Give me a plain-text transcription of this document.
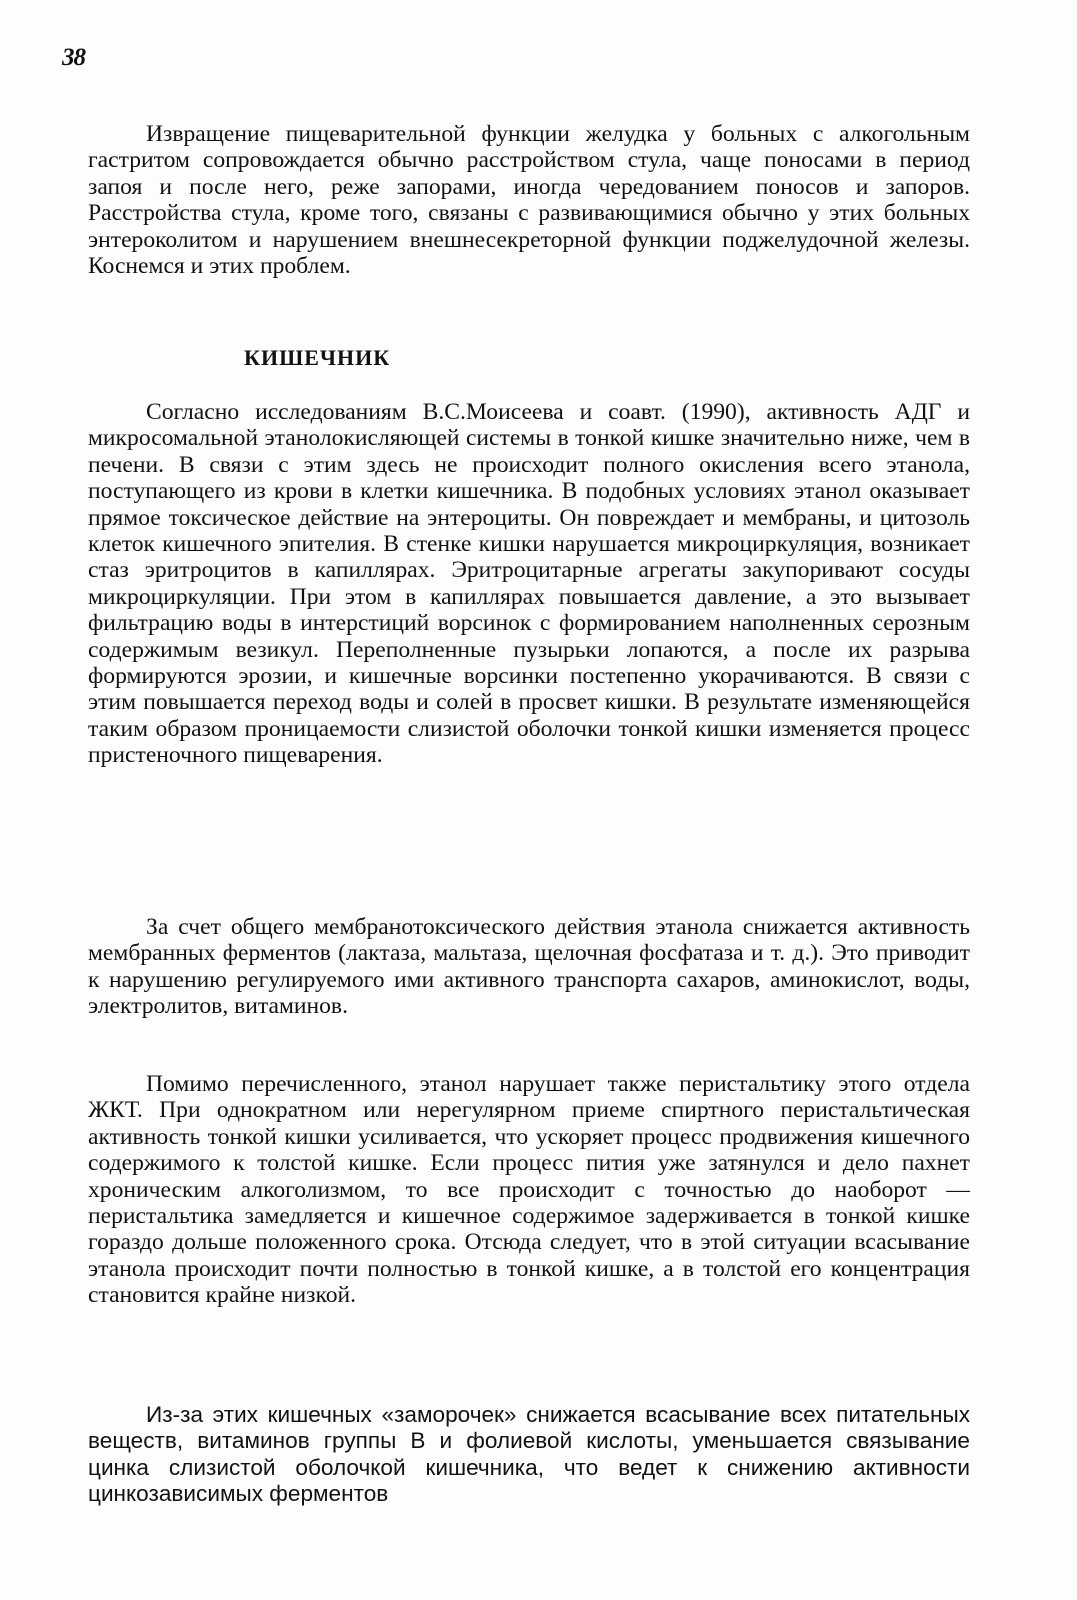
38

Извращение пищеварительной функции желудка у больных с алкогольным гастритом сопровождается обычно расстройством стула, чаще поносами в период запоя и после него, реже запорами, иногда чередованием поносов и запоров. Расстройства стула, кроме того, связаны с развивающимися обычно у этих больных энтероколитом и нарушением внешнесекреторной функции поджелудочной железы. Коснемся и этих проблем.

КИШЕЧНИК

Согласно исследованиям В.С.Моисеева и соавт. (1990), активность АДГ и микросомальной этанолокисляющей системы в тонкой кишке значительно ниже, чем в печени. В связи с этим здесь не происходит полного окисления всего этанола, поступающего из крови в клетки кишечника. В подобных условиях этанол оказывает прямое токсическое действие на энтероциты. Он повреждает и мембраны, и цитозоль клеток кишечного эпителия. В стенке кишки нарушается микроциркуляция, возникает стаз эритроцитов в капиллярах. Эритроцитарные агрегаты закупоривают сосуды микроциркуляции. При этом в капиллярах повышается давление, а это вызывает фильтрацию воды в интерстиций ворсинок с формированием наполненных серозным содержимым везикул. Переполненные пузырьки лопаются, а после их разрыва формируются эрозии, и кишечные ворсинки постепенно укорачиваются. В связи с этим повышается переход воды и солей в просвет кишки. В результате изменяющейся таким образом проницаемости слизистой оболочки тонкой кишки изменяется процесс пристеночного пищеварения.

За счет общего мембранотоксического действия этанола снижается активность мембранных ферментов (лактаза, мальтаза, щелочная фосфатаза и т. д.). Это приводит к нарушению регулируемого ими активного транспорта сахаров, аминокислот, воды, электролитов, витаминов.

Помимо перечисленного, этанол нарушает также перистальтику этого отдела ЖКТ. При однократном или нерегулярном приеме спиртного перистальтическая активность тонкой кишки усиливается, что ускоряет процесс продвижения кишечного содержимого к толстой кишке. Если процесс пития уже затянулся и дело пахнет хроническим алкоголизмом, то все происходит с точностью до наоборот — перистальтика замедляется и кишечное содержимое задерживается в тонкой кишке гораздо дольше положенного срока. Отсюда следует, что в этой ситуации всасывание этанола происходит почти полностью в тонкой кишке, а в толстой его концентрация становится крайне низкой.

Из-за этих кишечных «заморочек» снижается всасывание всех питательных веществ, витаминов группы В и фолиевой кислоты, уменьшается связывание цинка слизистой оболочкой кишечника, что ведет к снижению активности цинкозависимых ферментов
